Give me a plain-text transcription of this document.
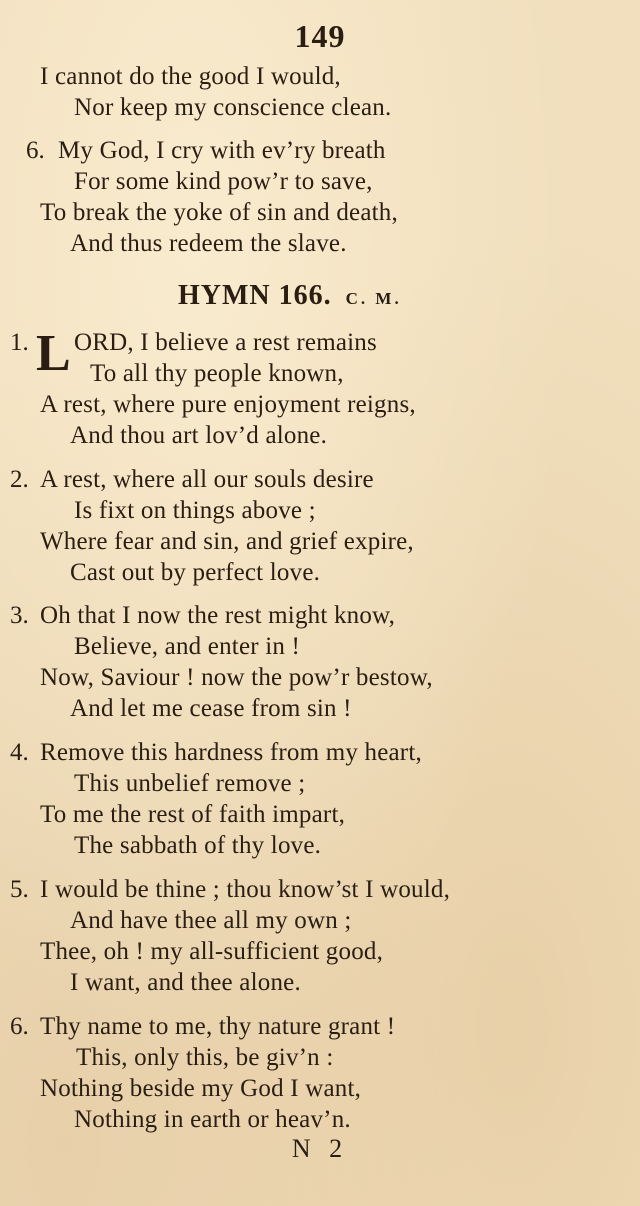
149
I cannot do the good I would,
Nor keep my conscience clean.
6. My God, I cry with ev’ry breath
For some kind pow’r to save,
To break the yoke of sin and death,
And thus redeem the slave.
HYMN 166. C. M.
1. L ORD, I believe a rest remains
To all thy people known,
A rest, where pure enjoyment reigns,
And thou art lov’d alone.
2. A rest, where all our souls desire
Is fixt on things above ;
Where fear and sin, and grief expire,
Cast out by perfect love.
3. Oh that I now the rest might know,
Believe, and enter in !
Now, Saviour ! now the pow’r bestow,
And let me cease from sin !
4. Remove this hardness from my heart,
This unbelief remove ;
To me the rest of faith impart,
The sabbath of thy love.
5. I would be thine ; thou know’st I would,
And have thee all my own ;
Thee, oh ! my all-sufficient good,
I want, and thee alone.
6. Thy name to me, thy nature grant !
This, only this, be giv’n :
Nothing beside my God I want,
Nothing in earth or heav’n.
N 2
